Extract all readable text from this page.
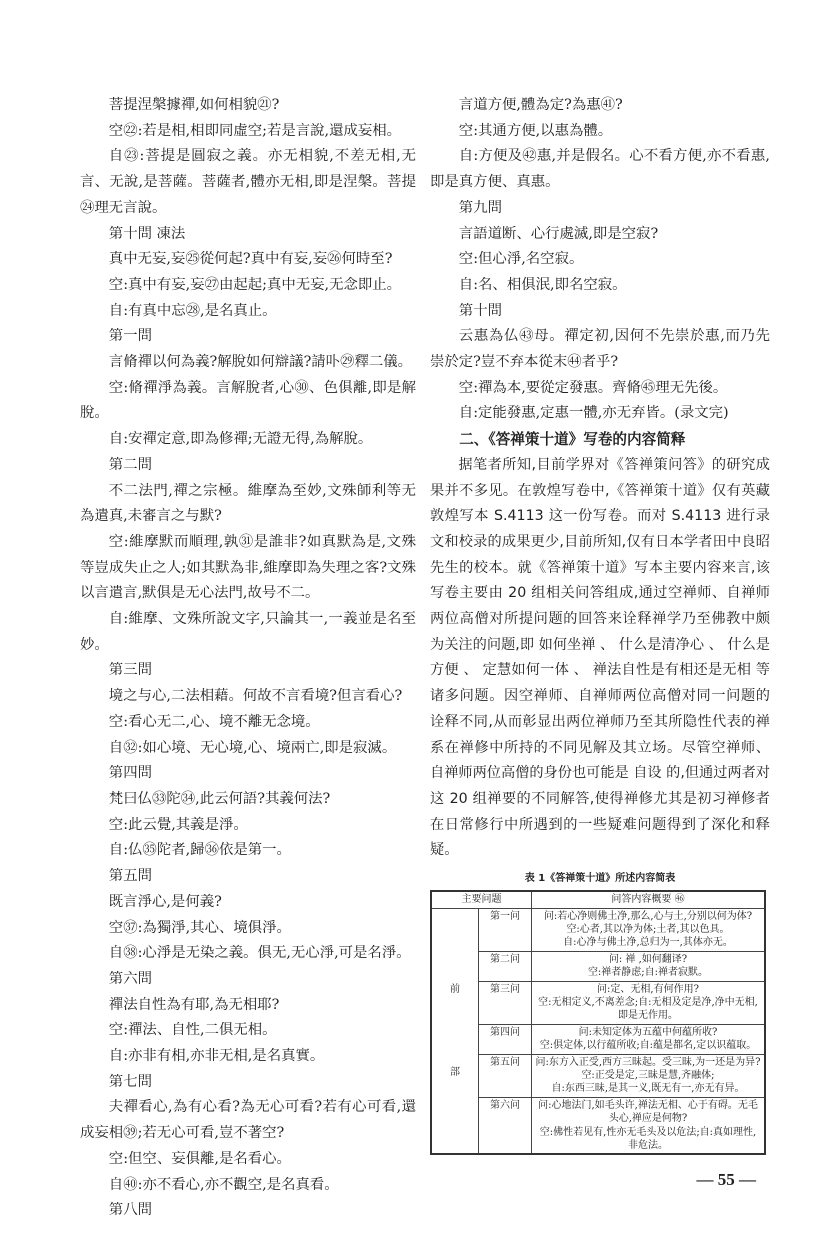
菩提涅槃據禪,如何相貌㉑?

空㉒:若是相,相即同虛空;若是言說,還成妄相。

自㉓:菩提是圓寂之義。亦无相貌,不差无相,无言、无說,是菩薩。菩薩者,體亦无相,即是涅槃。菩提㉔理无言說。

第十問 凍法

真中无妄,妄㉕從何起?真中有妄,妄㉖何時至?

空:真中有妄,妄㉗由起起;真中无妄,无念即止。

自:有真中忘㉘,是名真止。

第一問

言脩禪以何為義?解脫如何辯議?請卟㉙釋二儀。

空:脩禪淨為義。言解脫者,心㉚、色俱離,即是解脫。

自:安禪定意,即為修禪;无證无得,為解脫。

第二問

不二法門,禪之宗極。維摩為至妙,文殊師利等无為遣真,未審言之与默?

空:維摩默而順理,孰㉛是誰非?如真默為是,文殊等豈成失止之人;如其默為非,維摩即為失理之客?文殊以言遣言,默俱是无心法門,故号不二。

自:維摩、文殊所說文字,只論其一,一義並是名至妙。

第三問

境之与心,二法相藉。何故不言看境?但言看心?

空:看心无二,心、境不離无念境。

自㉜:如心境、无心境,心、境兩亡,即是寂滅。

第四問

梵曰仏㉝陀㉞,此云何語?其義何法?

空:此云覺,其義是淨。

自:仏㉟陀者,歸㊱依是第一。

第五問

既言淨心,是何義?

空㊲:為獨淨,其心、境俱淨。

自㊳:心淨是无染之義。俱无,无心淨,可是名淨。

第六問

禪法自性為有耶,為无相耶?

空:禪法、自性,二俱无相。

自:亦非有相,亦非无相,是名真實。

第七問

夫禪看心,為有心看?為无心可看?若有心可看,還成妄相㊴;若无心可看,豈不著空?

空:但空、妄俱離,是名看心。

自㊵:亦不看心,亦不觀空,是名真看。

第八問

言道方便,體為定?為惠㊶?

空:其通方便,以惠為體。

自:方便及㊷惠,并是假名。心不看方便,亦不看惠,即是真方便、真惠。

第九問

言語道断、心行處滅,即是空寂?

空:但心淨,名空寂。

自:名、相俱泯,即名空寂。

第十問

云惠為仏㊸母。禪定初,因何不先崇於惠,而乃先崇於定?豈不弃本從末㊹者乎?

空:禪為本,要從定發惠。齊脩㊺理无先後。

自:定能發惠,定惠一體,亦无弃皆。(录文完)

二、《答禅策十道》写卷的内容简释

据笔者所知,目前学界对《答禅策问答》的研究成果并不多见。在敦煌写卷中,《答禅策十道》仅有英藏敦煌写本 S.4113 这一份写卷。而对 S.4113 进行录文和校录的成果更少,目前所知,仅有日本学者田中良昭先生的校本。就《答禅策十道》写本主要内容来言,该写卷主要由 20 组相关问答组成,通过空禅师、自禅师两位高僧对所提问题的回答来诠释禅学乃至佛教中颇为关注的问题,即 如何坐禅 、 什么是清净心 、 什么是方便 、 定慧如何一体 、 禅法自性是有相还是无相 等诸多问题。因空禅师、自禅师两位高僧对同一问题的诠释不同,从而彰显出两位禅师乃至其所隐性代表的禅系在禅修中所持的不同见解及其立场。尽管空禅师、自禅师两位高僧的身份也可能是 自设 的,但通过两者对这 20 组禅要的不同解答,使得禅修尤其是初习禅修者在日常修行中所遇到的一些疑难问题得到了深化和释疑。

表 1《答禅策十道》所述内容简表
主要问题		问答内容概要 ㊻

前
部	第一问	问:若心净则佛土净,那么,心与土,分别以何为体?
空:心者,其以净为体;土者,其以色具。
自:心净与佛土净,总归为一,其体亦无。
	第二问	问: 禅 ,如何翻译?
空:禅者静虑;自:禅者寂默。
	第三问	问:定、无相,有何作用?
空:无相定义,不离差念;自:无相及定是净,净中无相,即是无作用。
	第四问	问:未知定体为五蕴中何蕴所收?
空:俱定体,以行蕴所收;自:蕴是都名,定以识蕴取。
	第五问	问:东方入正受,西方三昧起。受三昧,为一还是为异?
空:正受是定,三昧是慧,齐融体;
自:东西三昧,是其一义,既无有一,亦无有异。
	第六问	问:心地法门,如毛头许,禅法无相、心于有碍。无毛头心,禅应是何物?
空:佛性若见有,性亦无毛头及以危法;自:真如理性,非危法。
— 55 —
